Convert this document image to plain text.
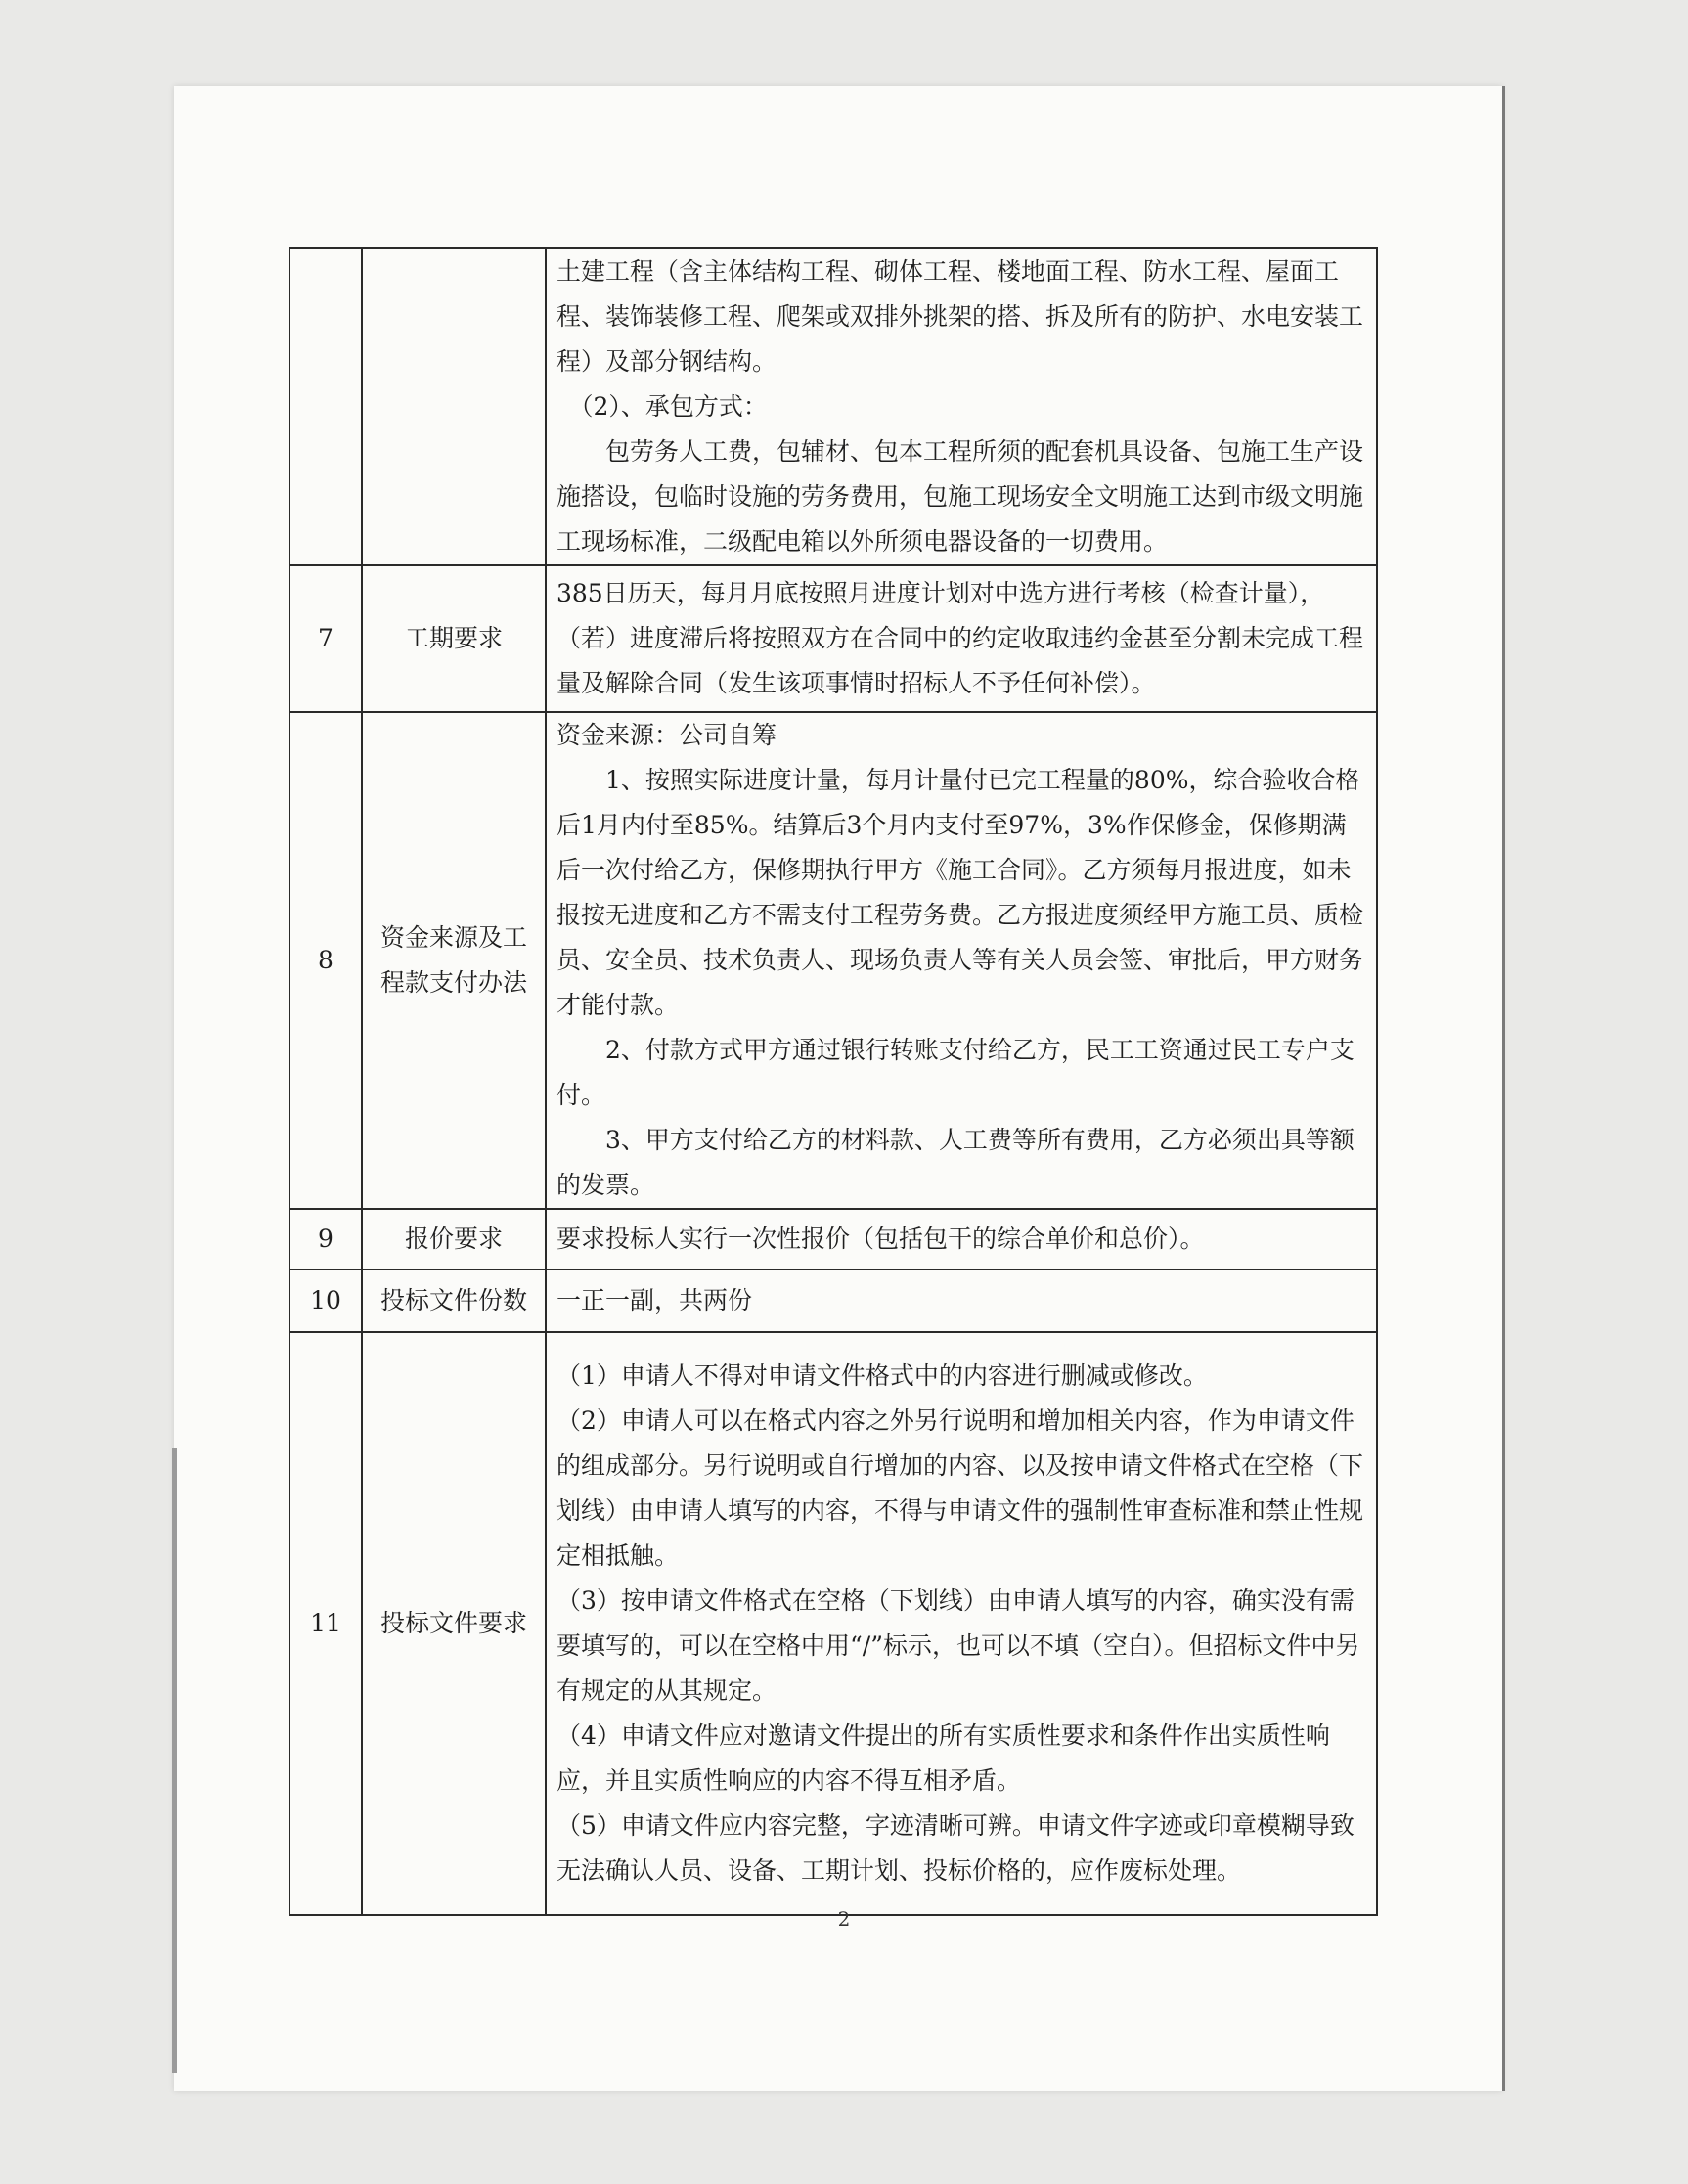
		土建工程（含主体结构工程、砌体工程、楼地面工程、防水工程、屋面工程、装饰装修工程、爬架或双排外挑架的搭、拆及所有的防护、水电安装工程）及部分钢结构。
（2）、承包方式：
包劳务人工费，包辅材、包本工程所须的配套机具设备、包施工生产设施搭设，包临时设施的劳务费用，包施工现场安全文明施工达到市级文明施工现场标准，二级配电箱以外所须电器设备的一切费用。

7	工期要求	385日历天，每月月底按照月进度计划对中选方进行考核（检查计量），（若）进度滞后将按照双方在合同中的约定收取违约金甚至分割未完成工程量及解除合同（发生该项事情时招标人不予任何补偿）。

8	资金来源及工程款支付办法	资金来源：公司自筹
1、按照实际进度计量，每月计量付已完工程量的80%，综合验收合格后1月内付至85%。结算后3个月内支付至97%，3%作保修金，保修期满后一次付给乙方，保修期执行甲方《施工合同》。乙方须每月报进度，如未报按无进度和乙方不需支付工程劳务费。乙方报进度须经甲方施工员、质检员、安全员、技术负责人、现场负责人等有关人员会签、审批后，甲方财务才能付款。
2、付款方式甲方通过银行转账支付给乙方，民工工资通过民工专户支付。
3、甲方支付给乙方的材料款、人工费等所有费用，乙方必须出具等额的发票。

9	报价要求	要求投标人实行一次性报价（包括包干的综合单价和总价）。

10	投标文件份数	一正一副，共两份

11	投标文件要求	（1）申请人不得对申请文件格式中的内容进行删减或修改。
（2）申请人可以在格式内容之外另行说明和增加相关内容，作为申请文件的组成部分。另行说明或自行增加的内容、以及按申请文件格式在空格（下划线）由申请人填写的内容，不得与申请文件的强制性审查标准和禁止性规定相抵触。
（3）按申请文件格式在空格（下划线）由申请人填写的内容，确实没有需要填写的，可以在空格中用“/”标示，也可以不填（空白）。但招标文件中另有规定的从其规定。
（4）申请文件应对邀请文件提出的所有实质性要求和条件作出实质性响应，并且实质性响应的内容不得互相矛盾。
（5）申请文件应内容完整，字迹清晰可辨。申请文件字迹或印章模糊导致无法确认人员、设备、工期计划、投标价格的，应作废标处理。
2
